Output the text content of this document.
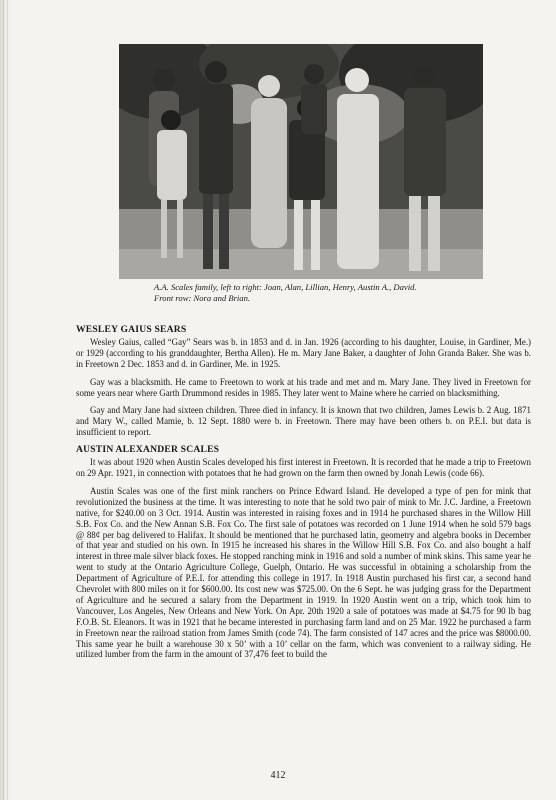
A.A. Scales family, left to right: Joan, Alan, Lillian, Henry, Austin A., David.
Front row: Nora and Brian.
WESLEY GAIUS SEARS

Wesley Gaius, called “Gay” Sears was b. in 1853 and d. in Jan. 1926 (according to his daughter, Louise, in Gardiner, Me.) or 1929 (according to his granddaughter, Bertha Allen). He m. Mary Jane Baker, a daughter of John Granda Baker. She was b. in Freetown 2 Dec. 1853 and d. in Gardiner, Me. in 1925.

Gay was a blacksmith. He came to Freetown to work at his trade and met and m. Mary Jane. They lived in Freetown for some years near where Garth Drummond resides in 1985. They later went to Maine where he carried on blacksmithing.

Gay and Mary Jane had sixteen children. Three died in infancy. It is known that two children, James Lewis b. 2 Aug. 1871 and Mary W., called Mamie, b. 12 Sept. 1880 were b. in Freetown. There may have been others b. on P.E.I. but data is insufficient to report.

AUSTIN ALEXANDER SCALES

It was about 1920 when Austin Scales developed his first interest in Freetown. It is recorded that he made a trip to Freetown on 29 Apr. 1921, in connection with potatoes that he had grown on the farm then owned by Jonah Lewis (code 66).

Austin Scales was one of the first mink ranchers on Prince Edward Island. He developed a type of pen for mink that revolutionized the business at the time. It was interesting to note that he sold two pair of mink to Mr. J.C. Jardine, a Freetown native, for $240.00 on 3 Oct. 1914. Austin was interested in raising foxes and in 1914 he purchased shares in the Willow Hill S.B. Fox Co. and the New Annan S.B. Fox Co. The first sale of potatoes was recorded on 1 June 1914 when he sold 579 bags @ 88¢ per bag delivered to Halifax. It should be mentioned that he purchased latin, geometry and algebra books in December of that year and studied on his own. In 1915 he increased his shares in the Willow Hill S.B. Fox Co. and also bought a half interest in three male silver black foxes. He stopped ranching mink in 1916 and sold a number of mink skins. This same year he went to study at the Ontario Agriculture College, Guelph, Ontario. He was successful in obtaining a scholarship from the Department of Agriculture of P.E.I. for attending this college in 1917. In 1918 Austin purchased his first car, a second hand Chevrolet with 800 miles on it for $600.00. Its cost new was $725.00. On the 6 Sept. he was judging grass for the Department of Agriculture and he secured a salary from the Department in 1919. In 1920 Austin went on a trip, which took him to Vancouver, Los Angeles, New Orleans and New York. On Apr. 20th 1920 a sale of potatoes was made at $4.75 for 90 lb bag F.O.B. St. Eleanors. It was in 1921 that he became interested in purchasing farm land and on 25 Mar. 1922 he purchased a farm in Freetown near the railroad station from James Smith (code 74). The farm consisted of 147 acres and the price was $8000.00. This same year he built a warehouse 30 x 50’ with a 10’ cellar on the farm, which was convenient to a railway siding. He utilized lumber from the farm in the amount of 37,476 feet to build the

412
